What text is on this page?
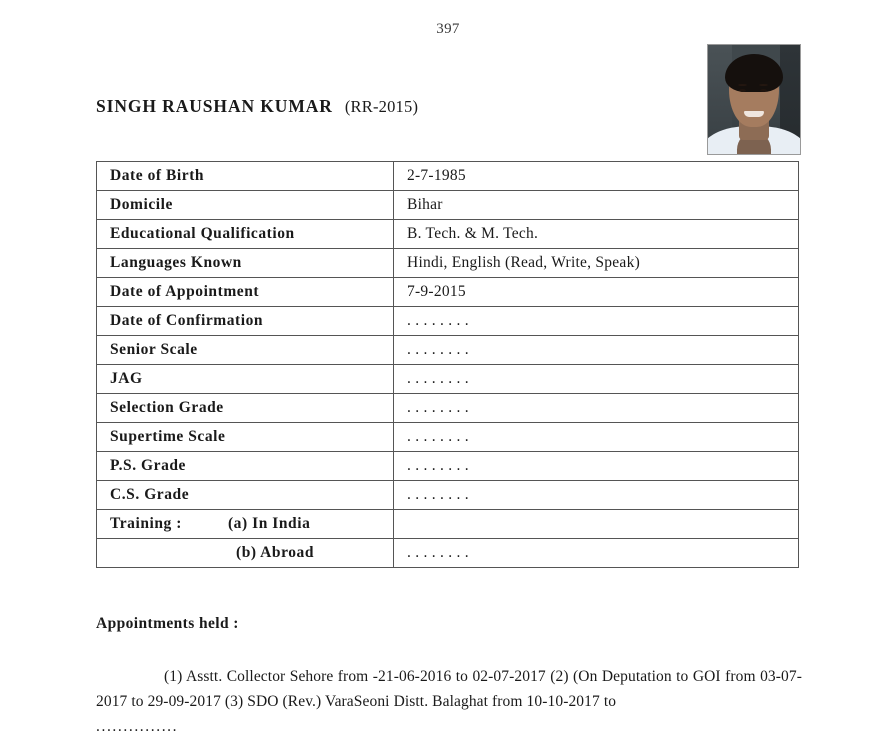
397
SINGH RAUSHAN KUMAR (RR-2015)
Date of Birth	2-7-1985
Domicile	Bihar
Educational Qualification	B. Tech. & M. Tech.
Languages Known	Hindi, English (Read, Write, Speak)
Date of Appointment	7-9-2015
Date of Confirmation	. . . . . . . .
Senior Scale	. . . . . . . .
JAG	. . . . . . . .
Selection Grade	. . . . . . . .
Supertime Scale	. . . . . . . .
P.S. Grade	. . . . . . . .
C.S. Grade	. . . . . . . .
Training : (a) In India	
(b) Abroad	. . . . . . . .
Appointments held :
(1) Asstt. Collector Sehore from -21-06-2016 to 02-07-2017 (2) (On Deputation to GOI from 03-07-2017 to 29-09-2017 (3) SDO (Rev.) VaraSeoni Distt. Balaghat from 10-10-2017 to
...............
